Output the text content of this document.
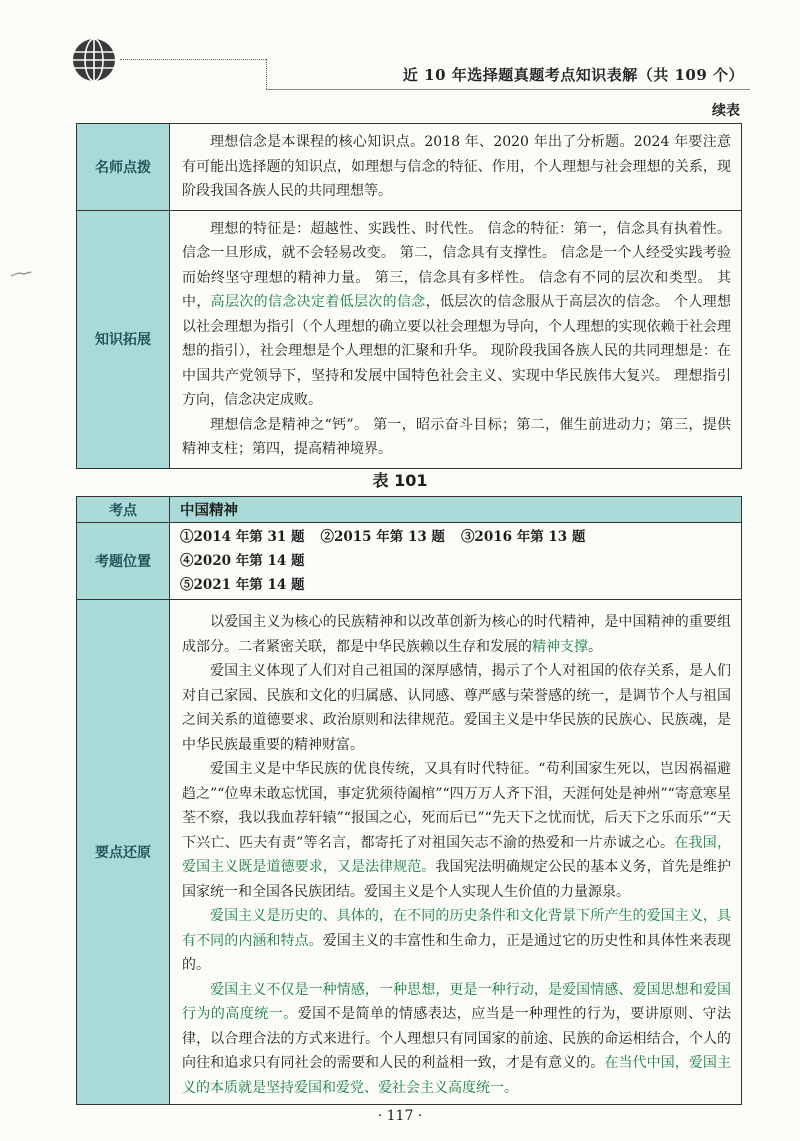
近 10 年选择题真题考点知识表解（共 109 个）
续表
名师点拨	理想信念是本课程的核心知识点。2018 年、2020 年出了分析题。2024 年要注意有可能出选择题的知识点，如理想与信念的特征、作用，个人理想与社会理想的关系，现阶段我国各族人民的共同理想等。

知识拓展	理想的特征是：超越性、实践性、时代性。 信念的特征：第一，信念具有执着性。 信念一旦形成，就不会轻易改变。 第二，信念具有支撑性。 信念是一个人经受实践考验而始终坚守理想的精神力量。 第三，信念具有多样性。 信念有不同的层次和类型。 其中，高层次的信念决定着低层次的信念，低层次的信念服从于高层次的信念。 个人理想以社会理想为指引（个人理想的确立要以社会理想为导向，个人理想的实现依赖于社会理想的指引），社会理想是个人理想的汇聚和升华。 现阶段我国各族人民的共同理想是：在中国共产党领导下，坚持和发展中国特色社会主义、实现中华民族伟大复兴。 理想指引方向，信念决定成败。

理想信念是精神之“钙”。 第一，昭示奋斗目标；第二，催生前进动力；第三，提供精神支柱；第四，提高精神境界。

表 101
考点	中国精神
考题位置	①2014 年第 31 题 ②2015 年第 13 题 ③2016 年第 13 题④2020 年第 14 题
⑤2021 年第 14 题
要点还原	以爱国主义为核心的民族精神和以改革创新为核心的时代精神，是中国精神的重要组成部分。二者紧密关联，都是中华民族赖以生存和发展的精神支撑。

爱国主义体现了人们对自己祖国的深厚感情，揭示了个人对祖国的依存关系，是人们对自己家园、民族和文化的归属感、认同感、尊严感与荣誉感的统一，是调节个人与祖国之间关系的道德要求、政治原则和法律规范。爱国主义是中华民族的民族心、民族魂，是中华民族最重要的精神财富。

爱国主义是中华民族的优良传统，又具有时代特征。“苟利国家生死以，岂因祸福避趋之”“位卑未敢忘忧国，事定犹须待阖棺”“四万万人齐下泪，天涯何处是神州”“寄意寒星荃不察，我以我血荐轩辕”“报国之心，死而后已”“先天下之忧而忧，后天下之乐而乐”“天下兴亡、匹夫有责”等名言，都寄托了对祖国矢志不渝的热爱和一片赤诚之心。在我国，爱国主义既是道德要求，又是法律规范。我国宪法明确规定公民的基本义务，首先是维护国家统一和全国各民族团结。爱国主义是个人实现人生价值的力量源泉。

爱国主义是历史的、具体的，在不同的历史条件和文化背景下所产生的爱国主义，具有不同的内涵和特点。爱国主义的丰富性和生命力，正是通过它的历史性和具体性来表现的。

爱国主义不仅是一种情感，一种思想，更是一种行动，是爱国情感、爱国思想和爱国行为的高度统一。爱国不是简单的情感表达，应当是一种理性的行为，要讲原则、守法律，以合理合法的方式来进行。个人理想只有同国家的前途、民族的命运相结合，个人的向往和追求只有同社会的需要和人民的利益相一致，才是有意义的。在当代中国，爱国主义的本质就是坚持爱国和爱党、爱社会主义高度统一。

· 117 ·
